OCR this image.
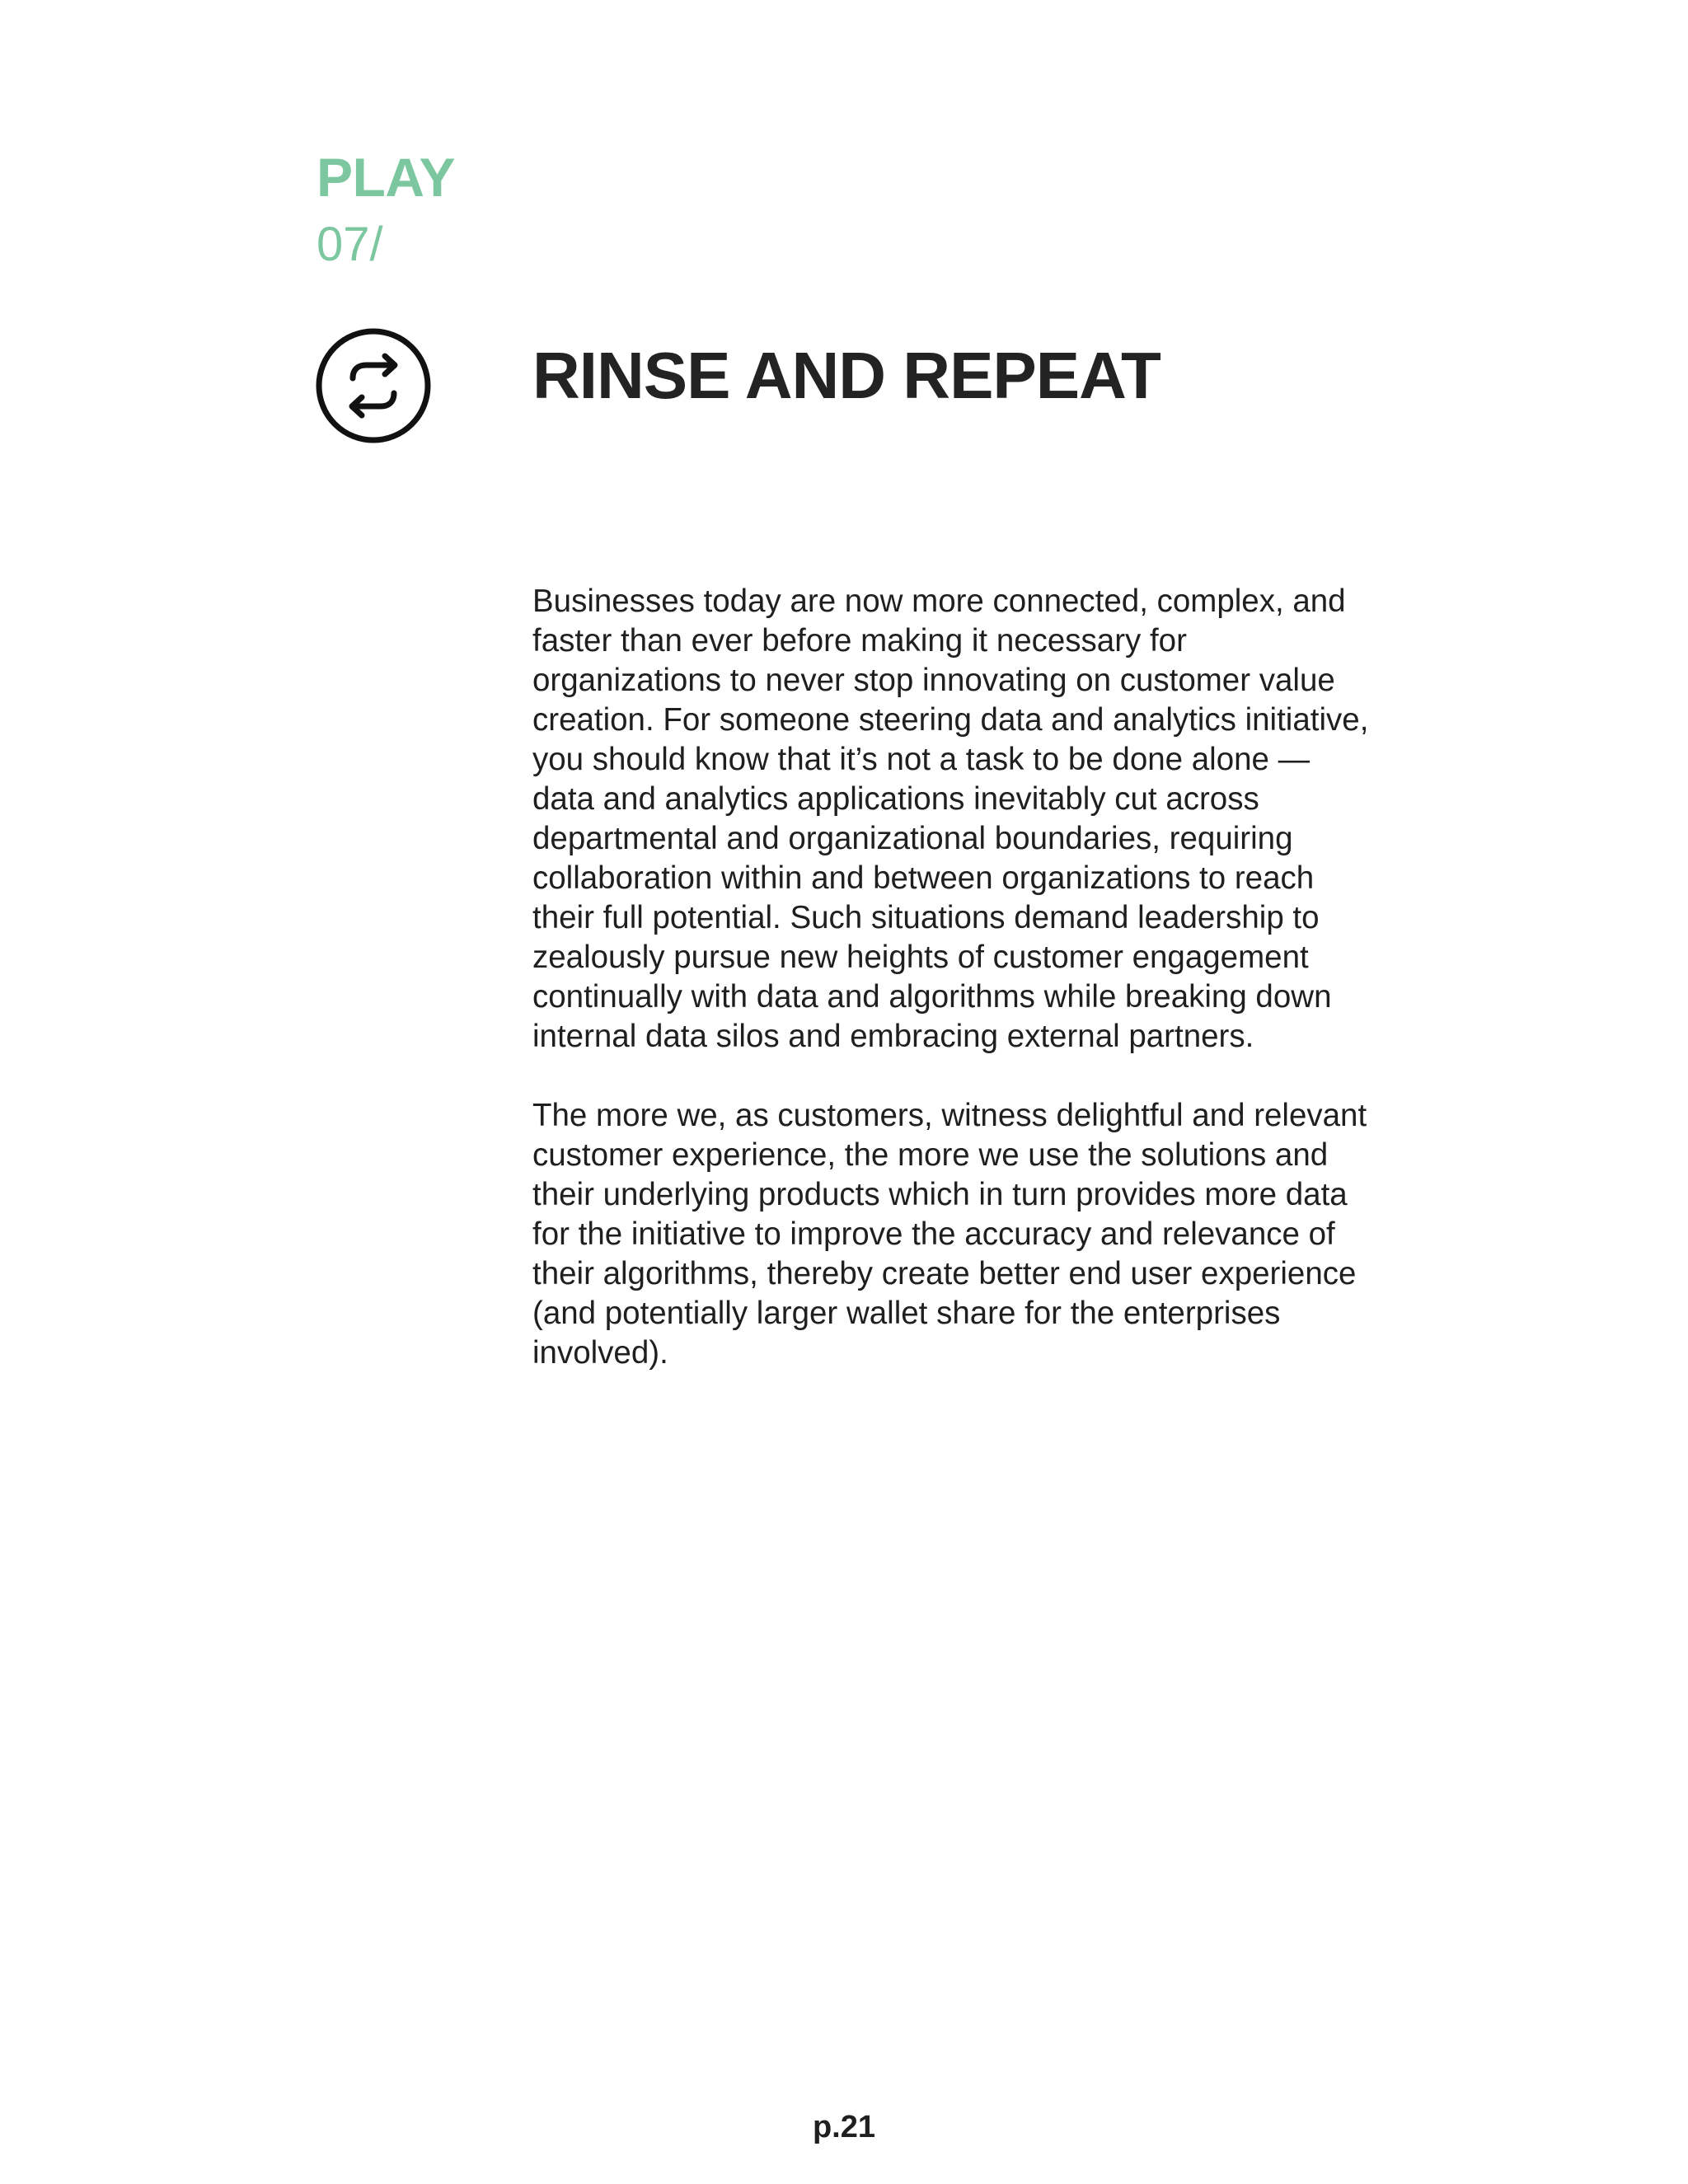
PLAY
07/
RINSE AND REPEAT

Businesses today are now more connected, complex, and faster than ever before making it necessary for organizations to never stop innovating on customer value creation. For someone steering data and analytics initiative, you should know that it’s not a task to be done alone — data and analytics applications inevitably cut across departmental and organizational boundaries, requiring collaboration within and between organizations to reach their full potential. Such situations demand leadership to zealously pursue new heights of customer engagement continually with data and algorithms while breaking down internal data silos and embracing external partners.

The more we, as customers, witness delightful and relevant customer experience, the more we use the solutions and their underlying products which in turn provides more data for the initiative to improve the accuracy and relevance of their algorithms, thereby create better end user experience (and potentially larger wallet share for the enterprises involved).

p.21
